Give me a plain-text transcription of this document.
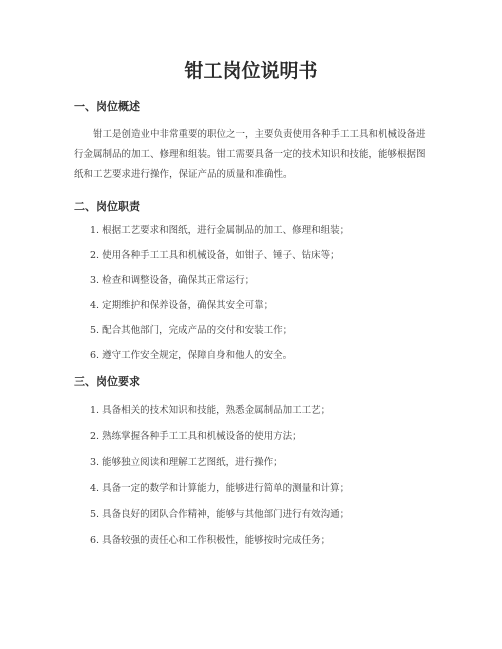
钳工岗位说明书
一、岗位概述

钳工是创造业中非常重要的职位之一，主要负责使用各种手工工具和机械设备进行金属制品的加工、修理和组装。钳工需要具备一定的技术知识和技能，能够根据图纸和工艺要求进行操作，保证产品的质量和准确性。

二、岗位职责
1. 根据工艺要求和图纸，进行金属制品的加工、修理和组装；
2. 使用各种手工工具和机械设备，如钳子、锤子、钻床等；
3. 检查和调整设备，确保其正常运行；
4. 定期维护和保养设备，确保其安全可靠；
5. 配合其他部门，完成产品的交付和安装工作；
6. 遵守工作安全规定，保障自身和他人的安全。
三、岗位要求
1. 具备相关的技术知识和技能，熟悉金属制品加工工艺；
2. 熟练掌握各种手工工具和机械设备的使用方法；
3. 能够独立阅读和理解工艺图纸，进行操作；
4. 具备一定的数学和计算能力，能够进行简单的测量和计算；
5. 具备良好的团队合作精神，能够与其他部门进行有效沟通；
6. 具备较强的责任心和工作积极性，能够按时完成任务；
